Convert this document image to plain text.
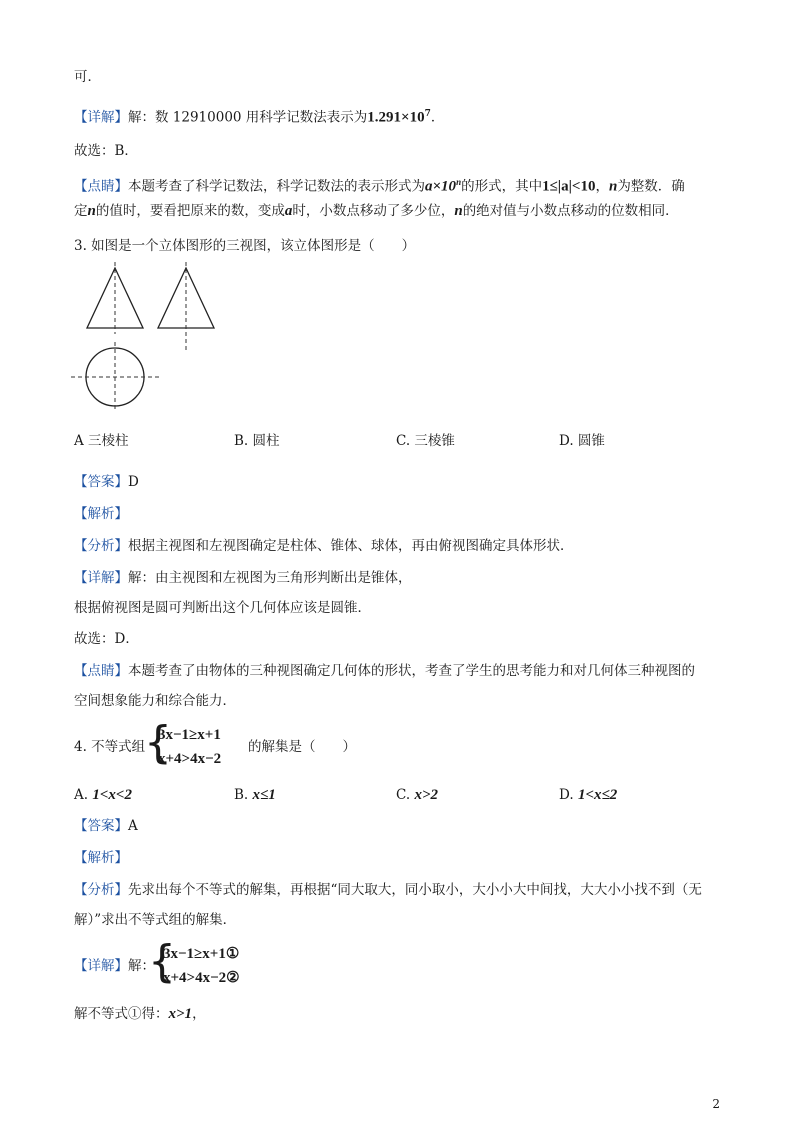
可．
【详解】解：数 12910000 用科学记数法表示为$1.291\times 10^7$．
故选：B．
【点睛】本题考查了科学记数法，科学记数法的表示形式为$a\times 10^n$的形式，其中1≤|a|<10，n为整数．确
定n的值时，要看把原来的数，变成a时，小数点移动了多少位，n的绝对值与小数点移动的位数相同．
3. 如图是一个立体图形的三视图，该立体图形是（　　）
A 三棱柱	B. 圆柱	C. 三棱锥	D. 圆锥
【答案】D
【解析】
【分析】根据主视图和左视图确定是柱体、锥体、球体，再由俯视图确定具体形状．
【详解】解：由主视图和左视图为三角形判断出是锥体，
根据俯视图是圆可判断出这个几何体应该是圆锥．
故选：D．
【点睛】本题考查了由物体的三种视图确定几何体的形状，考查了学生的思考能力和对几何体三种视图的
空间想象能力和综合能力．
4. 不等式组
{
3x−1≥x+1
x+4>4x−2
的解集是（　　）
A. 1<x<2	B. x≤1	C. x>2	D. 1<x≤2
【答案】A
【解析】
【分析】先求出每个不等式的解集，再根据“同大取大，同小取小，大小小大中间找，大大小小找不到（无
解）”求出不等式组的解集．
【详解】解：
{
3x−1≥x+1①
x+4>4x−2②
解不等式①得：x>1，
2
